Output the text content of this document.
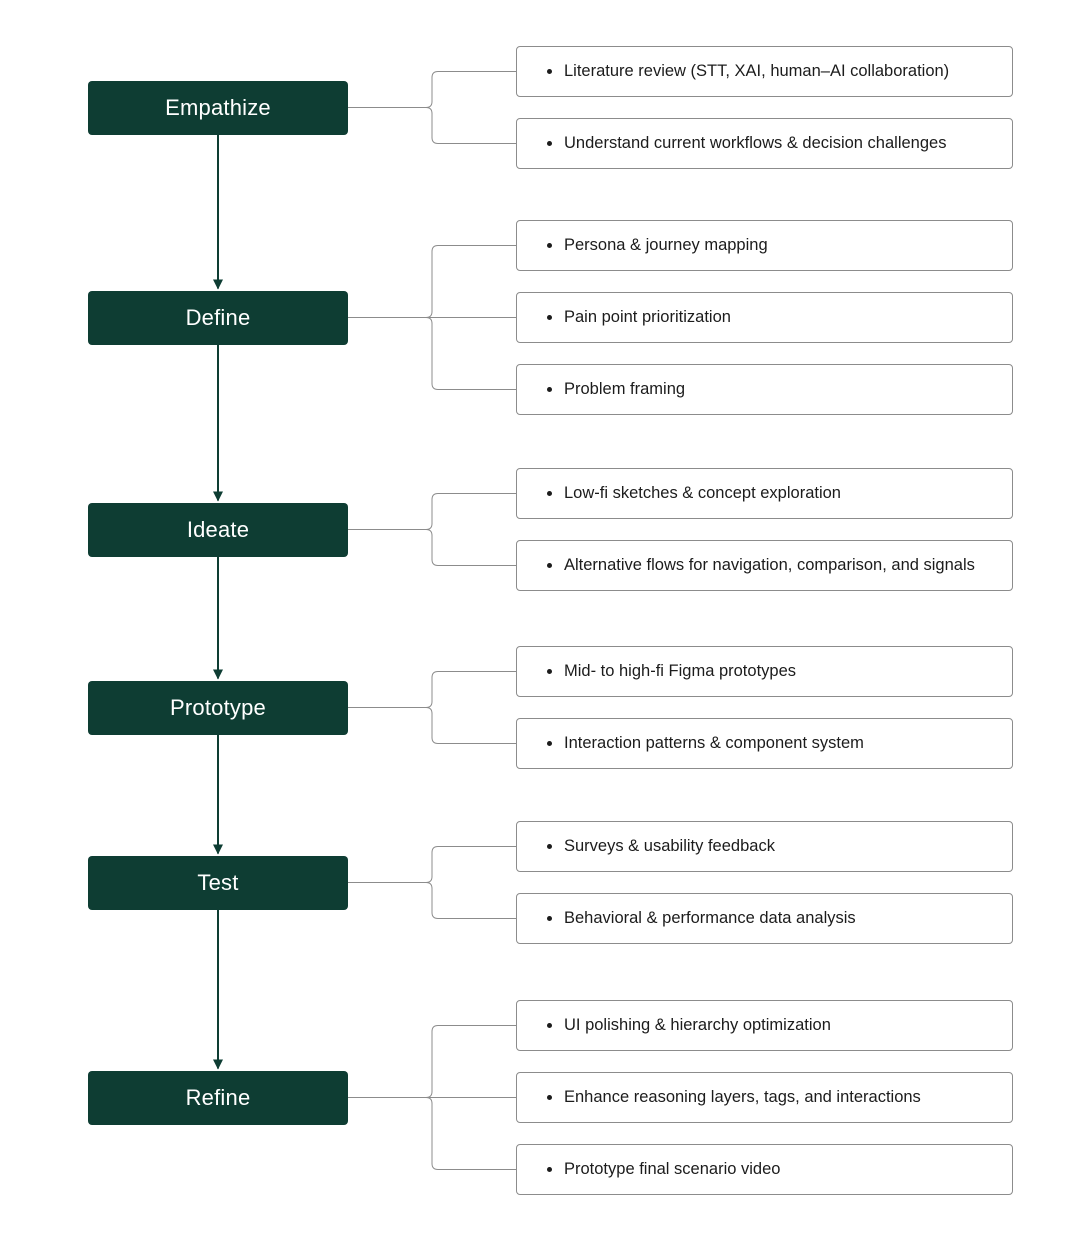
Empathize
Literature review (STT, XAI, human–AI collaboration)
Understand current workflows & decision challenges
Define
Persona & journey mapping
Pain point prioritization
Problem framing
Ideate
Low-fi sketches & concept exploration
Alternative flows for navigation, comparison, and signals
Prototype
Mid- to high-fi Figma prototypes
Interaction patterns & component system
Test
Surveys & usability feedback
Behavioral & performance data analysis
Refine
UI polishing & hierarchy optimization
Enhance reasoning layers, tags, and interactions
Prototype final scenario video
